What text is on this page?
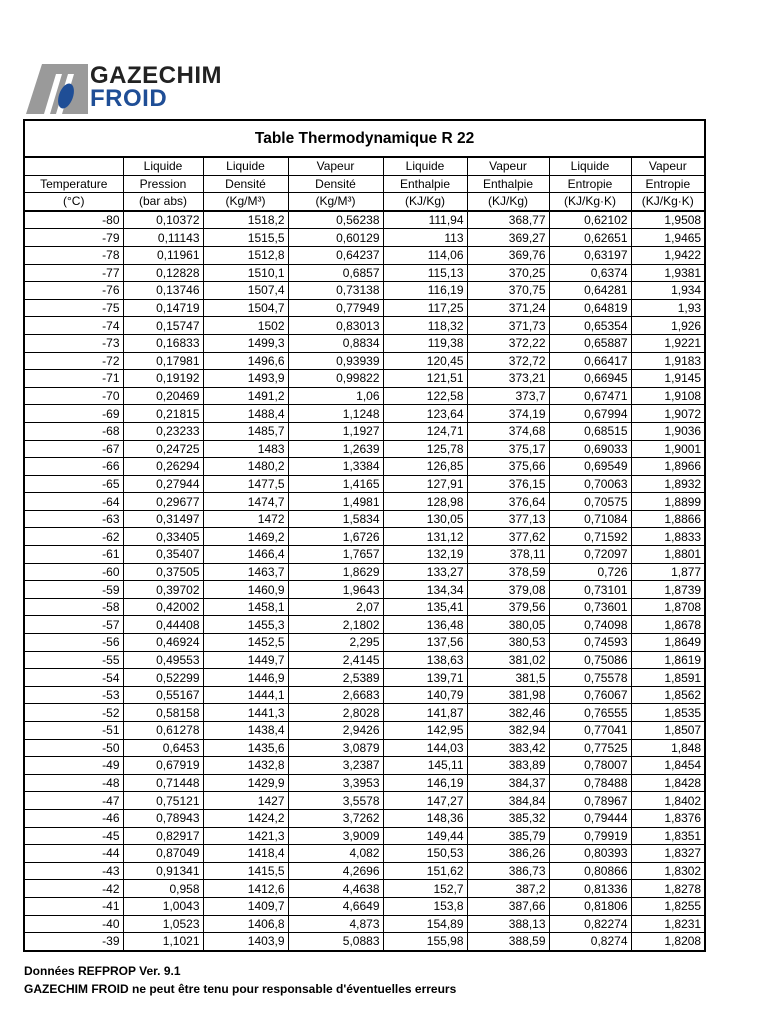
GAZECHIM
FROID
Table Thermodynamique R 22							
	Liquide	Liquide	Vapeur	Liquide	Vapeur	Liquide	Vapeur
Temperature	Pression	Densité	Densité	Enthalpie	Enthalpie	Entropie	Entropie
(°C)	(bar abs)	(Kg/M³)	(Kg/M³)	(KJ/Kg)	(KJ/Kg)	(KJ/Kg·K)	(KJ/Kg·K)
-80	0,10372	1518,2	0,56238	111,94	368,77	0,62102	1,9508
-79	0,11143	1515,5	0,60129	113	369,27	0,62651	1,9465
-78	0,11961	1512,8	0,64237	114,06	369,76	0,63197	1,9422
-77	0,12828	1510,1	0,6857	115,13	370,25	0,6374	1,9381
-76	0,13746	1507,4	0,73138	116,19	370,75	0,64281	1,934
-75	0,14719	1504,7	0,77949	117,25	371,24	0,64819	1,93
-74	0,15747	1502	0,83013	118,32	371,73	0,65354	1,926
-73	0,16833	1499,3	0,8834	119,38	372,22	0,65887	1,9221
-72	0,17981	1496,6	0,93939	120,45	372,72	0,66417	1,9183
-71	0,19192	1493,9	0,99822	121,51	373,21	0,66945	1,9145
-70	0,20469	1491,2	1,06	122,58	373,7	0,67471	1,9108
-69	0,21815	1488,4	1,1248	123,64	374,19	0,67994	1,9072
-68	0,23233	1485,7	1,1927	124,71	374,68	0,68515	1,9036
-67	0,24725	1483	1,2639	125,78	375,17	0,69033	1,9001
-66	0,26294	1480,2	1,3384	126,85	375,66	0,69549	1,8966
-65	0,27944	1477,5	1,4165	127,91	376,15	0,70063	1,8932
-64	0,29677	1474,7	1,4981	128,98	376,64	0,70575	1,8899
-63	0,31497	1472	1,5834	130,05	377,13	0,71084	1,8866
-62	0,33405	1469,2	1,6726	131,12	377,62	0,71592	1,8833
-61	0,35407	1466,4	1,7657	132,19	378,11	0,72097	1,8801
-60	0,37505	1463,7	1,8629	133,27	378,59	0,726	1,877
-59	0,39702	1460,9	1,9643	134,34	379,08	0,73101	1,8739
-58	0,42002	1458,1	2,07	135,41	379,56	0,73601	1,8708
-57	0,44408	1455,3	2,1802	136,48	380,05	0,74098	1,8678
-56	0,46924	1452,5	2,295	137,56	380,53	0,74593	1,8649
-55	0,49553	1449,7	2,4145	138,63	381,02	0,75086	1,8619
-54	0,52299	1446,9	2,5389	139,71	381,5	0,75578	1,8591
-53	0,55167	1444,1	2,6683	140,79	381,98	0,76067	1,8562
-52	0,58158	1441,3	2,8028	141,87	382,46	0,76555	1,8535
-51	0,61278	1438,4	2,9426	142,95	382,94	0,77041	1,8507
-50	0,6453	1435,6	3,0879	144,03	383,42	0,77525	1,848
-49	0,67919	1432,8	3,2387	145,11	383,89	0,78007	1,8454
-48	0,71448	1429,9	3,3953	146,19	384,37	0,78488	1,8428
-47	0,75121	1427	3,5578	147,27	384,84	0,78967	1,8402
-46	0,78943	1424,2	3,7262	148,36	385,32	0,79444	1,8376
-45	0,82917	1421,3	3,9009	149,44	385,79	0,79919	1,8351
-44	0,87049	1418,4	4,082	150,53	386,26	0,80393	1,8327
-43	0,91341	1415,5	4,2696	151,62	386,73	0,80866	1,8302
-42	0,958	1412,6	4,4638	152,7	387,2	0,81336	1,8278
-41	1,0043	1409,7	4,6649	153,8	387,66	0,81806	1,8255
-40	1,0523	1406,8	4,873	154,89	388,13	0,82274	1,8231
-39	1,1021	1403,9	5,0883	155,98	388,59	0,8274	1,8208
Données REFPROP Ver. 9.1
GAZECHIM FROID ne peut être tenu pour responsable d'éventuelles erreurs
